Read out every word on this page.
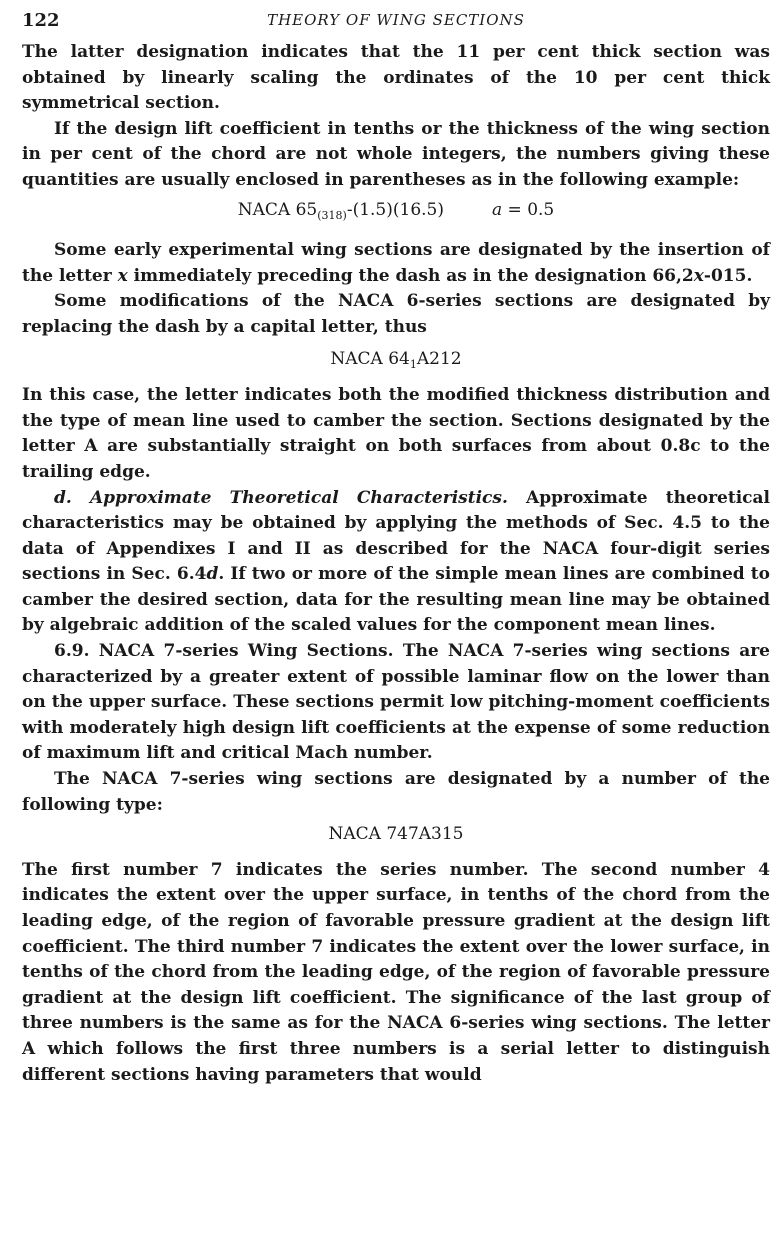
122	THEORY OF WING SECTIONS

The latter designation indicates that the 11 per cent thick section was obtained by linearly scaling the ordinates of the 10 per cent thick symmetrical section.

If the design lift coefficient in tenths or the thickness of the wing section in per cent of the chord are not whole integers, the numbers giving these quantities are usually enclosed in parentheses as in the following example:

NACA $65_{(318)}-(1.5)(16.5)$	a = 0.5

Some early experimental wing sections are designated by the insertion of the letter x immediately preceding the dash as in the designation 66,2x-015.

Some modifications of the NACA 6-series sections are designated by replacing the dash by a capital letter, thus

NACA $64_1A212$

In this case, the letter indicates both the modified thickness distribution and the type of mean line used to camber the section. Sections designated by the letter A are substantially straight on both surfaces from about 0.8c to the trailing edge.

d. Approximate Theoretical Characteristics. Approximate theoretical characteristics may be obtained by applying the methods of Sec. 4.5 to the data of Appendixes I and II as described for the NACA four-digit series sections in Sec. 6.4d. If two or more of the simple mean lines are combined to camber the desired section, data for the resulting mean line may be obtained by algebraic addition of the scaled values for the component mean lines.

6.9. NACA 7-series Wing Sections. The NACA 7-series wing sections are characterized by a greater extent of possible laminar flow on the lower than on the upper surface. These sections permit low pitching-moment coefficients with moderately high design lift coefficients at the expense of some reduction of maximum lift and critical Mach number.

The NACA 7-series wing sections are designated by a number of the following type:

NACA 747A315

The first number 7 indicates the series number. The second number 4 indicates the extent over the upper surface, in tenths of the chord from the leading edge, of the region of favorable pressure gradient at the design lift coefficient. The third number 7 indicates the extent over the lower surface, in tenths of the chord from the leading edge, of the region of favorable pressure gradient at the design lift coefficient. The significance of the last group of three numbers is the same as for the NACA 6-series wing sections. The letter A which follows the first three numbers is a serial letter to distinguish different sections having parameters that would
